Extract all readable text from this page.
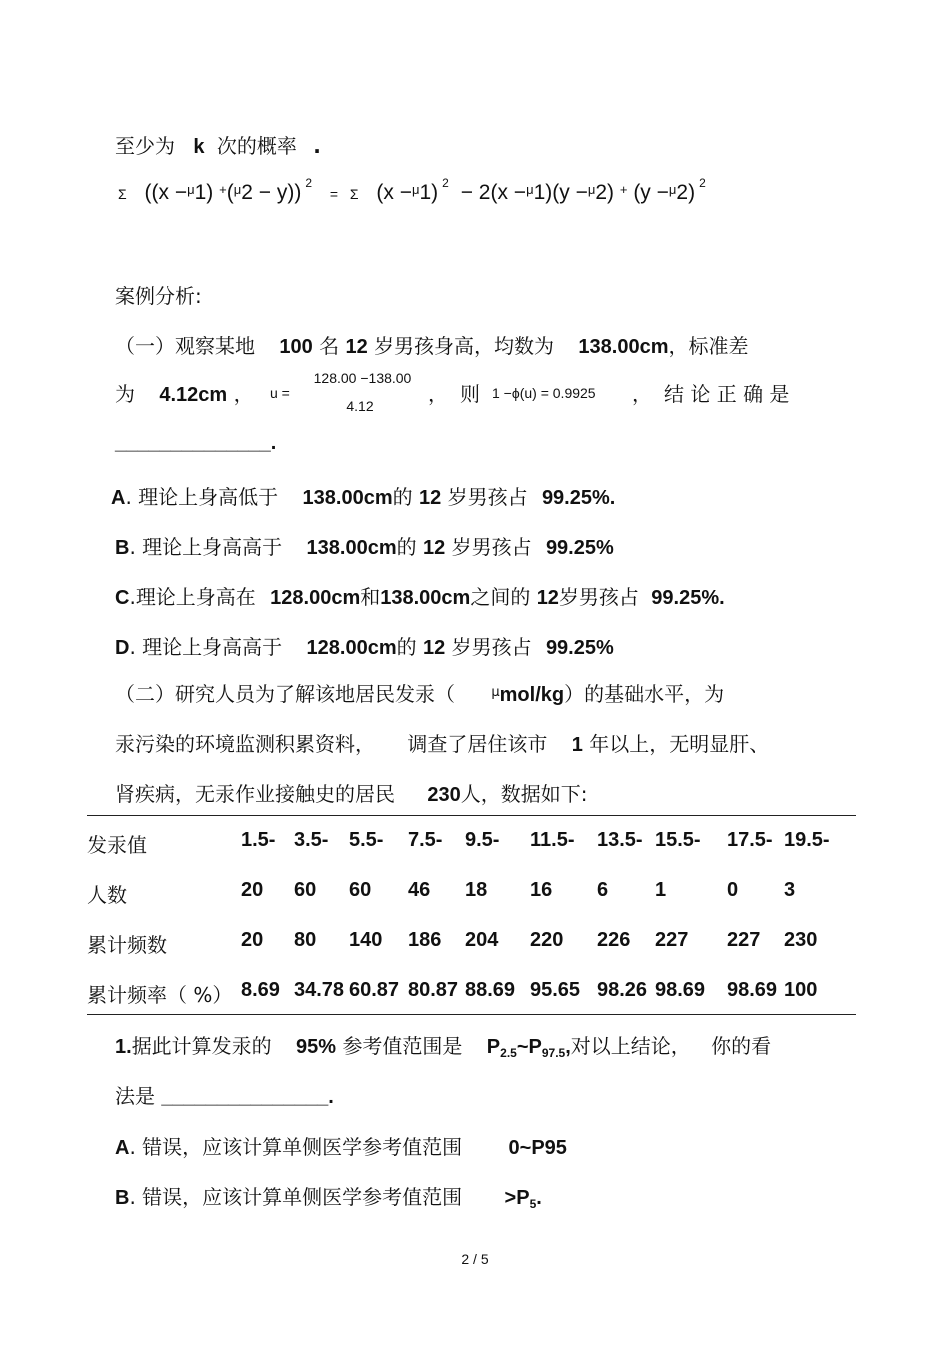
至少为 k 次的概率 .
Σ ((x −$^\mu$1) +($^\mu$2 − y)) $^2$ = Σ (x −$^\mu$1) $^2$ − 2(x −$^\mu$1)(y −$^\mu$2) + (y −$^\mu$2) $^2$
案例分析:
（一）观察某地 100 名 12 岁男孩身高，均数为 138.00cm，标准差
为 4.12cm ， u =
128.00 −138.00
4.12	， 则 1 −ϕ(u) = 0.9925 ， 结 论 正 确 是
______________.
A. 理论上身高低于 138.00cm的 12 岁男孩占 99.25%.
B. 理论上身高高于 138.00cm的 12 岁男孩占 99.25%
C.理论上身高在 128.00cm和138.00cm之间的 12岁男孩占 99.25%.
D. 理论上身高高于 128.00cm的 12 岁男孩占 99.25%
（二）研究人员为了解该地居民发汞（	$^\mu$mol/kg）的基础水平，为
汞污染的环境监测积累资料， 调查了居住该市 1 年以上，无明显肝、
肾疾病，无汞作业接触史的居民 230人，数据如下:
发汞值	1.5- 3.5- 5.5- 7.5- 9.5- 11.5- 13.5- 15.5- 17.5- 19.5-
人数	20 60 60 46 18 16 6 1	0 3
累计频数	20 80 140 186 204 220 226 227 227 230
累计频率（ %） 8.69 34.78 60.87 80.87 88.69 95.65 98.26 98.69 98.69 100
1.据此计算发汞的 95% 参考值范围是 $P_{2.5}\sim P_{97.5}$,对以上结论， 你的看
法是 _______________.
A. 错误，应该计算单侧医学参考值范围 0~P95
B. 错误，应该计算单侧医学参考值范围 $>P_5$.
2 / 5
